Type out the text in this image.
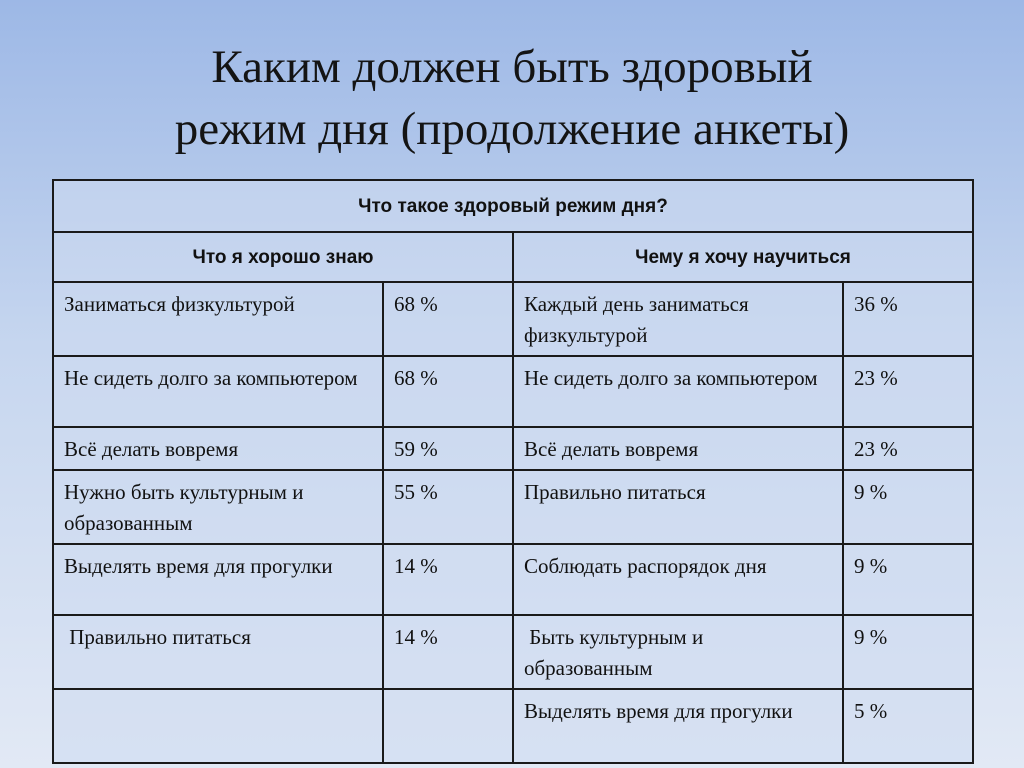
Каким должен быть здоровый
режим дня (продолжение анкеты)
Что такое здоровый режим дня?			
Что я хорошо знаю		Чему я хочу научиться	
Заниматься физкультурой	68 %	Каждый день заниматься физкультурой	36 %
Не сидеть долго за компьютером	68 %	Не сидеть долго за компьютером	23 %
Всё делать вовремя	59 %	Всё делать вовремя	23 %
Нужно быть культурным и образованным	55 %	Правильно питаться	9 %
Выделять время для прогулки	14 %	Соблюдать распорядок дня	9 %
Правильно питаться	14 %	Быть культурным и образованным	9 %
		Выделять время для прогулки	5 %
